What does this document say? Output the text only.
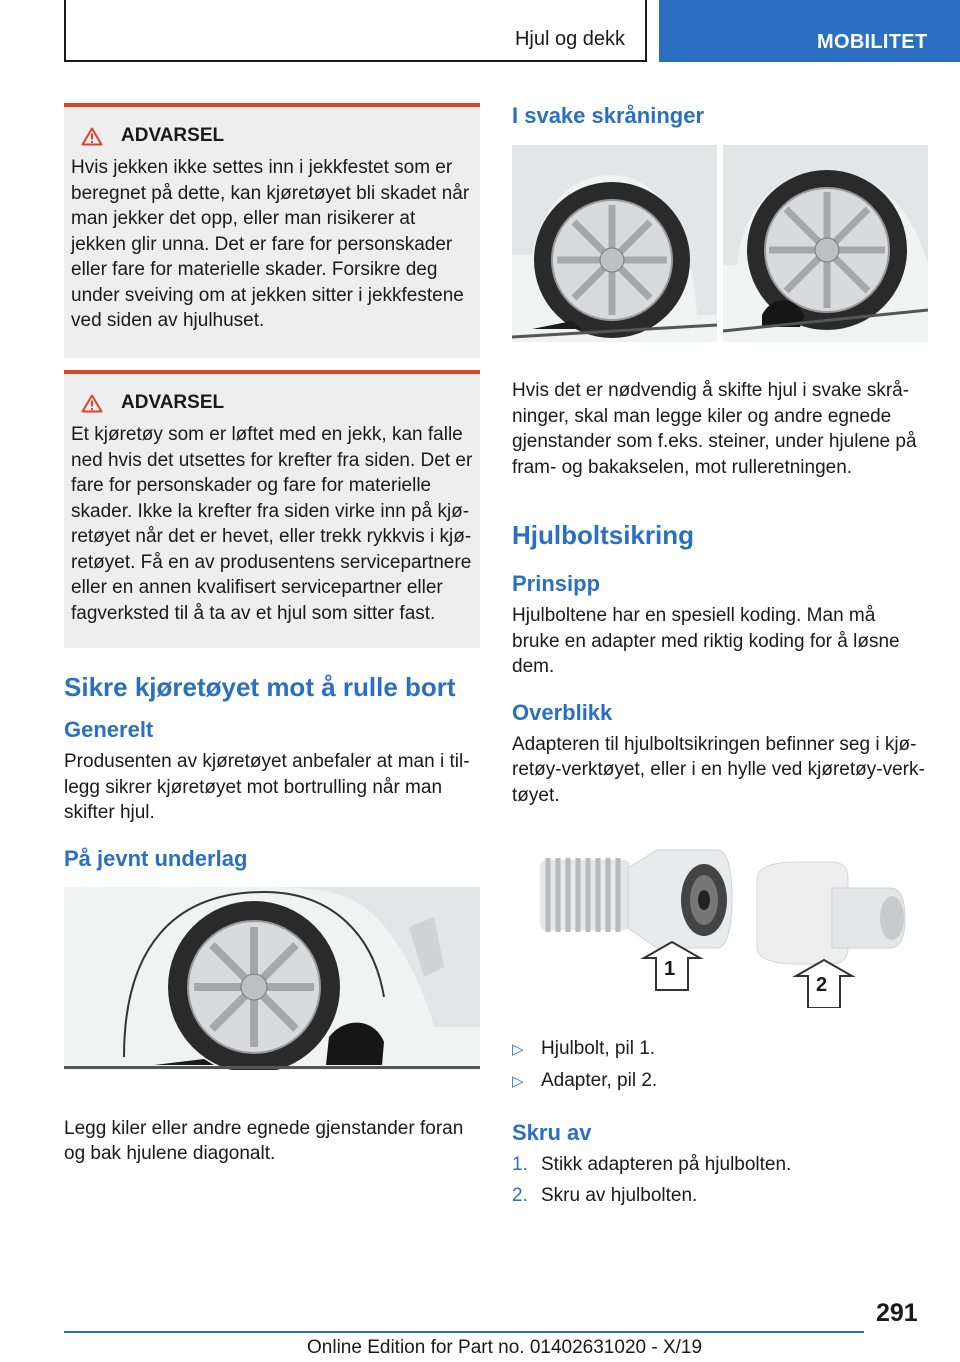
Hjul og dekk	MOBILITET
ADVARSEL

Hvis jekken ikke settes inn i jekkfestet som er beregnet på dette, kan kjøretøyet bli skadet når man jekker det opp, eller man risikerer at jekken glir unna. Det er fare for personskader eller fare for materielle skader. Forsikre deg under sveiving om at jekken sitter i jekkfestene ved siden av hjulhuset.

ADVARSEL

Et kjøretøy som er løftet med en jekk, kan falle ned hvis det utsettes for krefter fra siden. Det er fare for personskader og fare for materielle skader. Ikke la krefter fra siden virke inn på kjøretøyet når det er hevet, eller trekk rykkvis i kjøretøyet. Få en av produsentens servicepartnere eller en annen kvalifisert servicepartner eller fagverksted til å ta av et hjul som sitter fast.

Sikre kjøretøyet mot å rulle bort
Generelt

Produsenten av kjøretøyet anbefaler at man i tillegg sikrer kjøretøyet mot bortrulling når man skifter hjul.

På jevnt underlag

Legg kiler eller andre egnede gjenstander foran og bak hjulene diagonalt.

I svake skråninger

Hvis det er nødvendig å skifte hjul i svake skråninger, skal man legge kiler og andre egnede gjenstander som f.eks. steiner, under hjulene på fram- og bakakselen, mot rulleretningen.

Hjulboltsikring
Prinsipp

Hjulboltene har en spesiell koding. Man må bruke en adapter med riktig koding for å løsne dem.

Overblikk

Adapteren til hjulboltsikringen befinner seg i kjøretøy-verktøyet, eller i en hylle ved kjøretøy-verktøyet.

1
2

▷ Hjulbolt, pil 1.

▷ Adapter, pil 2.

Skru av

1. Stikk adapteren på hjulbolten.

2. Skru av hjulbolten.

291
Online Edition for Part no. 01402631020 - X/19
